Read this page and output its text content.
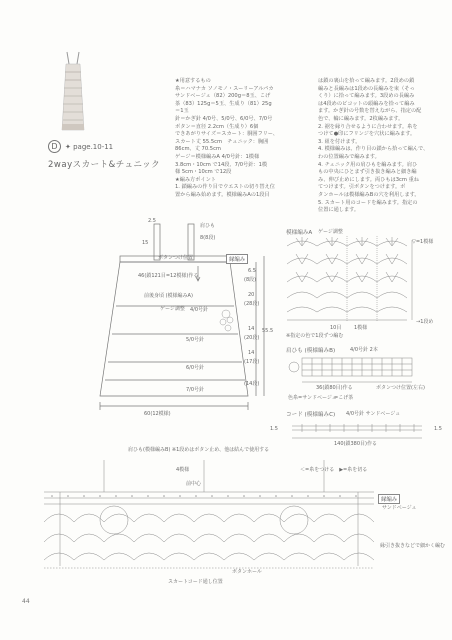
D	✦ page.10-11
2wayスカート&チュニック

★用意するもの

糸＝ハマナカ ソノモノ・スーリーアルパカ

サンドベージュ（82）200g＝8玉、こげ

茶（83）125g＝5玉、生成り（81）25g

＝1玉

針＝かぎ針 4/0号、5/0号、6/0号、7/0号

ボタン＝直径 2.2cm（生成り）6個

できあがりサイズ＝スカート：胴囲フリー、

スカート丈 55.5cm　チュニック：胸囲

86cm、丈 70.5cm

ゲージ＝模様編みA 4/0号針：1模様

3.8cm・10cm で14段、7/0号針：1模

様 5cm・10cm で12段

★編み方ポイント

1. 鎖編みの作り目でウエストの切り替え位

置から編み始めます。模様編みAの1段目

は鎖の裏山を拾って編みます。2段めの鎖

編みと長編みは1段めの長編みを束（そっ

くり）に拾って編みます。3段めの長編み

は4段めのピコットの頭編みを拾って編み

ます。かぎ針の号数を替えながら、指定の配

色で、輪に編みます。2枚編みます。

2. 裾を縁り合せるように合わせます。糸を

つけて●印にフリンジを穴状に編みます。

3. 紐を付けます。

4. 模様編みは、作り目の鎖から拾って編んで、

わの位置編みで編みます。

4. チュニック用の肩ひもを編みます。肩ひ

もの中央にひとまず引き抜き編みと細き編

み、伸び止めにします。両ひもは3cm 重ね

てつけます。引ボタンをつけます。ボ

タンホールは模様編みBの穴を利用します。

5. スカート用のコードを編みます。指定の

位置に通します。

2.5
15
肩ひも
8(8段)
ボタンつけ位置	縁編み
46(鎖121目=12模様)作る
前後身頃 (模様編みA)
ゲージ調整 4/0号針
5/0号針
6/0号針
7/0号針
60(12模様)
6.5
(8段)
20
(28段)
14
(20段)
14
(17段)
(14段)
55.5
模様編みA ゲージ調整
▽=1模様
→1段め
10目	1模様
※指定の色で1段ずつ編む
肩ひも (模様編みB)	4/0号針 2本
36(鎖80目)作る	ボタンつけ位置(左右)
色糸=サンドベージュ
=こげ茶
コード (模様編みC) 4/0号針 サンドベージュ
1.5	1.5
140(鎖380目)作る
＜=糸をつける　▶=糸を切る
肩ひも(模様編みB) ※1段めはボタン止め、他は結んで使用する
4模様
前中心
縁編み
サンドベージュ
縁引き抜きなどで細かく編む
ボタンホール
スカートコード通し位置
44
